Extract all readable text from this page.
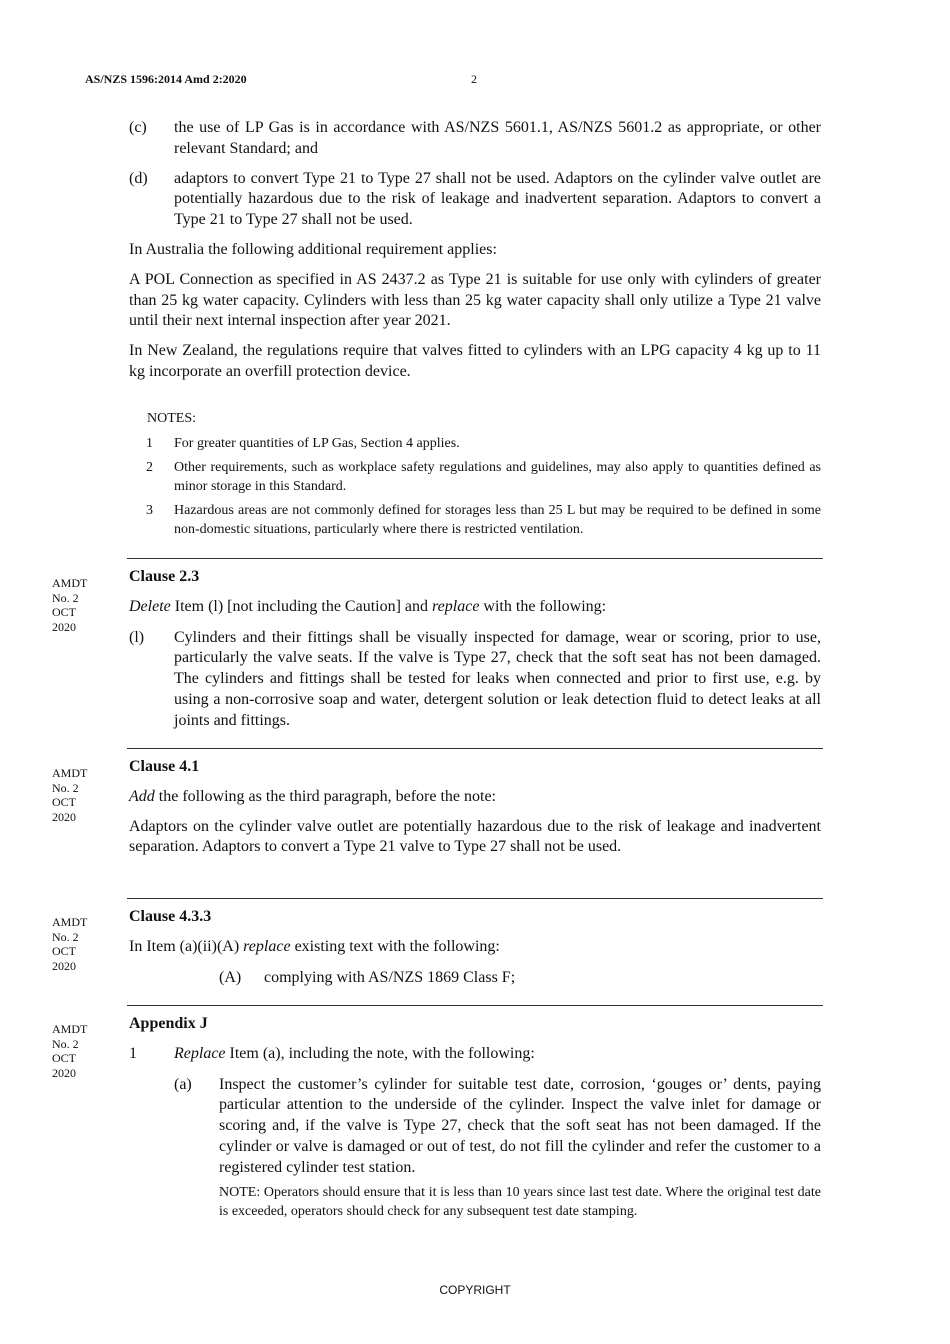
AS/NZS 1596:2014 Amd 2:2020	2
(c)	the use of LP Gas is in accordance with AS/NZS 5601.1, AS/NZS 5601.2 as appropriate, or other relevant Standard; and
(d)	adaptors to convert Type 21 to Type 27 shall not be used. Adaptors on the cylinder valve outlet are potentially hazardous due to the risk of leakage and inadvertent separation. Adaptors to convert a Type 21 to Type 27 shall not be used.

In Australia the following additional requirement applies:

A POL Connection as specified in AS 2437.2 as Type 21 is suitable for use only with cylinders of greater than 25 kg water capacity. Cylinders with less than 25 kg water capacity shall only utilize a Type 21 valve until their next internal inspection after year 2021.

In New Zealand, the regulations require that valves fitted to cylinders with an LPG capacity 4 kg up to 11 kg incorporate an overfill protection device.

NOTES:
1	For greater quantities of LP Gas, Section 4 applies.
2	Other requirements, such as workplace safety regulations and guidelines, may also apply to quantities defined as minor storage in this Standard.
3	Hazardous areas are not commonly defined for storages less than 25 L but may be required to be defined in some non-domestic situations, particularly where there is restricted ventilation.
AMDT
No. 2
OCT
2020
Clause 2.3

Delete Item (l) [not including the Caution] and replace with the following:

(l)	Cylinders and their fittings shall be visually inspected for damage, wear or scoring, prior to use, particularly the valve seats. If the valve is Type 27, check that the soft seat has not been damaged. The cylinders and fittings shall be tested for leaks when connected and prior to first use, e.g. by using a non-corrosive soap and water, detergent solution or leak detection fluid to detect leaks at all joints and fittings.
AMDT
No. 2
OCT
2020
Clause 4.1

Add the following as the third paragraph, before the note:

Adaptors on the cylinder valve outlet are potentially hazardous due to the risk of leakage and inadvertent separation. Adaptors to convert a Type 21 valve to Type 27 shall not be used.

AMDT
No. 2
OCT
2020
Clause 4.3.3

In Item (a)(ii)(A) replace existing text with the following:

(A)	complying with AS/NZS 1869 Class F;
AMDT
No. 2
OCT
2020
Appendix J
1	Replace Item (a), including the note, with the following:
(a)	Inspect the customer’s cylinder for suitable test date, corrosion, ‘gouges or’ dents, paying particular attention to the underside of the cylinder. Inspect the valve inlet for damage or scoring and, if the valve is Type 27, check that the soft seat has not been damaged. If the cylinder or valve is damaged or out of test, do not fill the cylinder and refer the customer to a registered cylinder test station.
NOTE: Operators should ensure that it is less than 10 years since last test date. Where the original test date is exceeded, operators should check for any subsequent test date stamping.
COPYRIGHT
